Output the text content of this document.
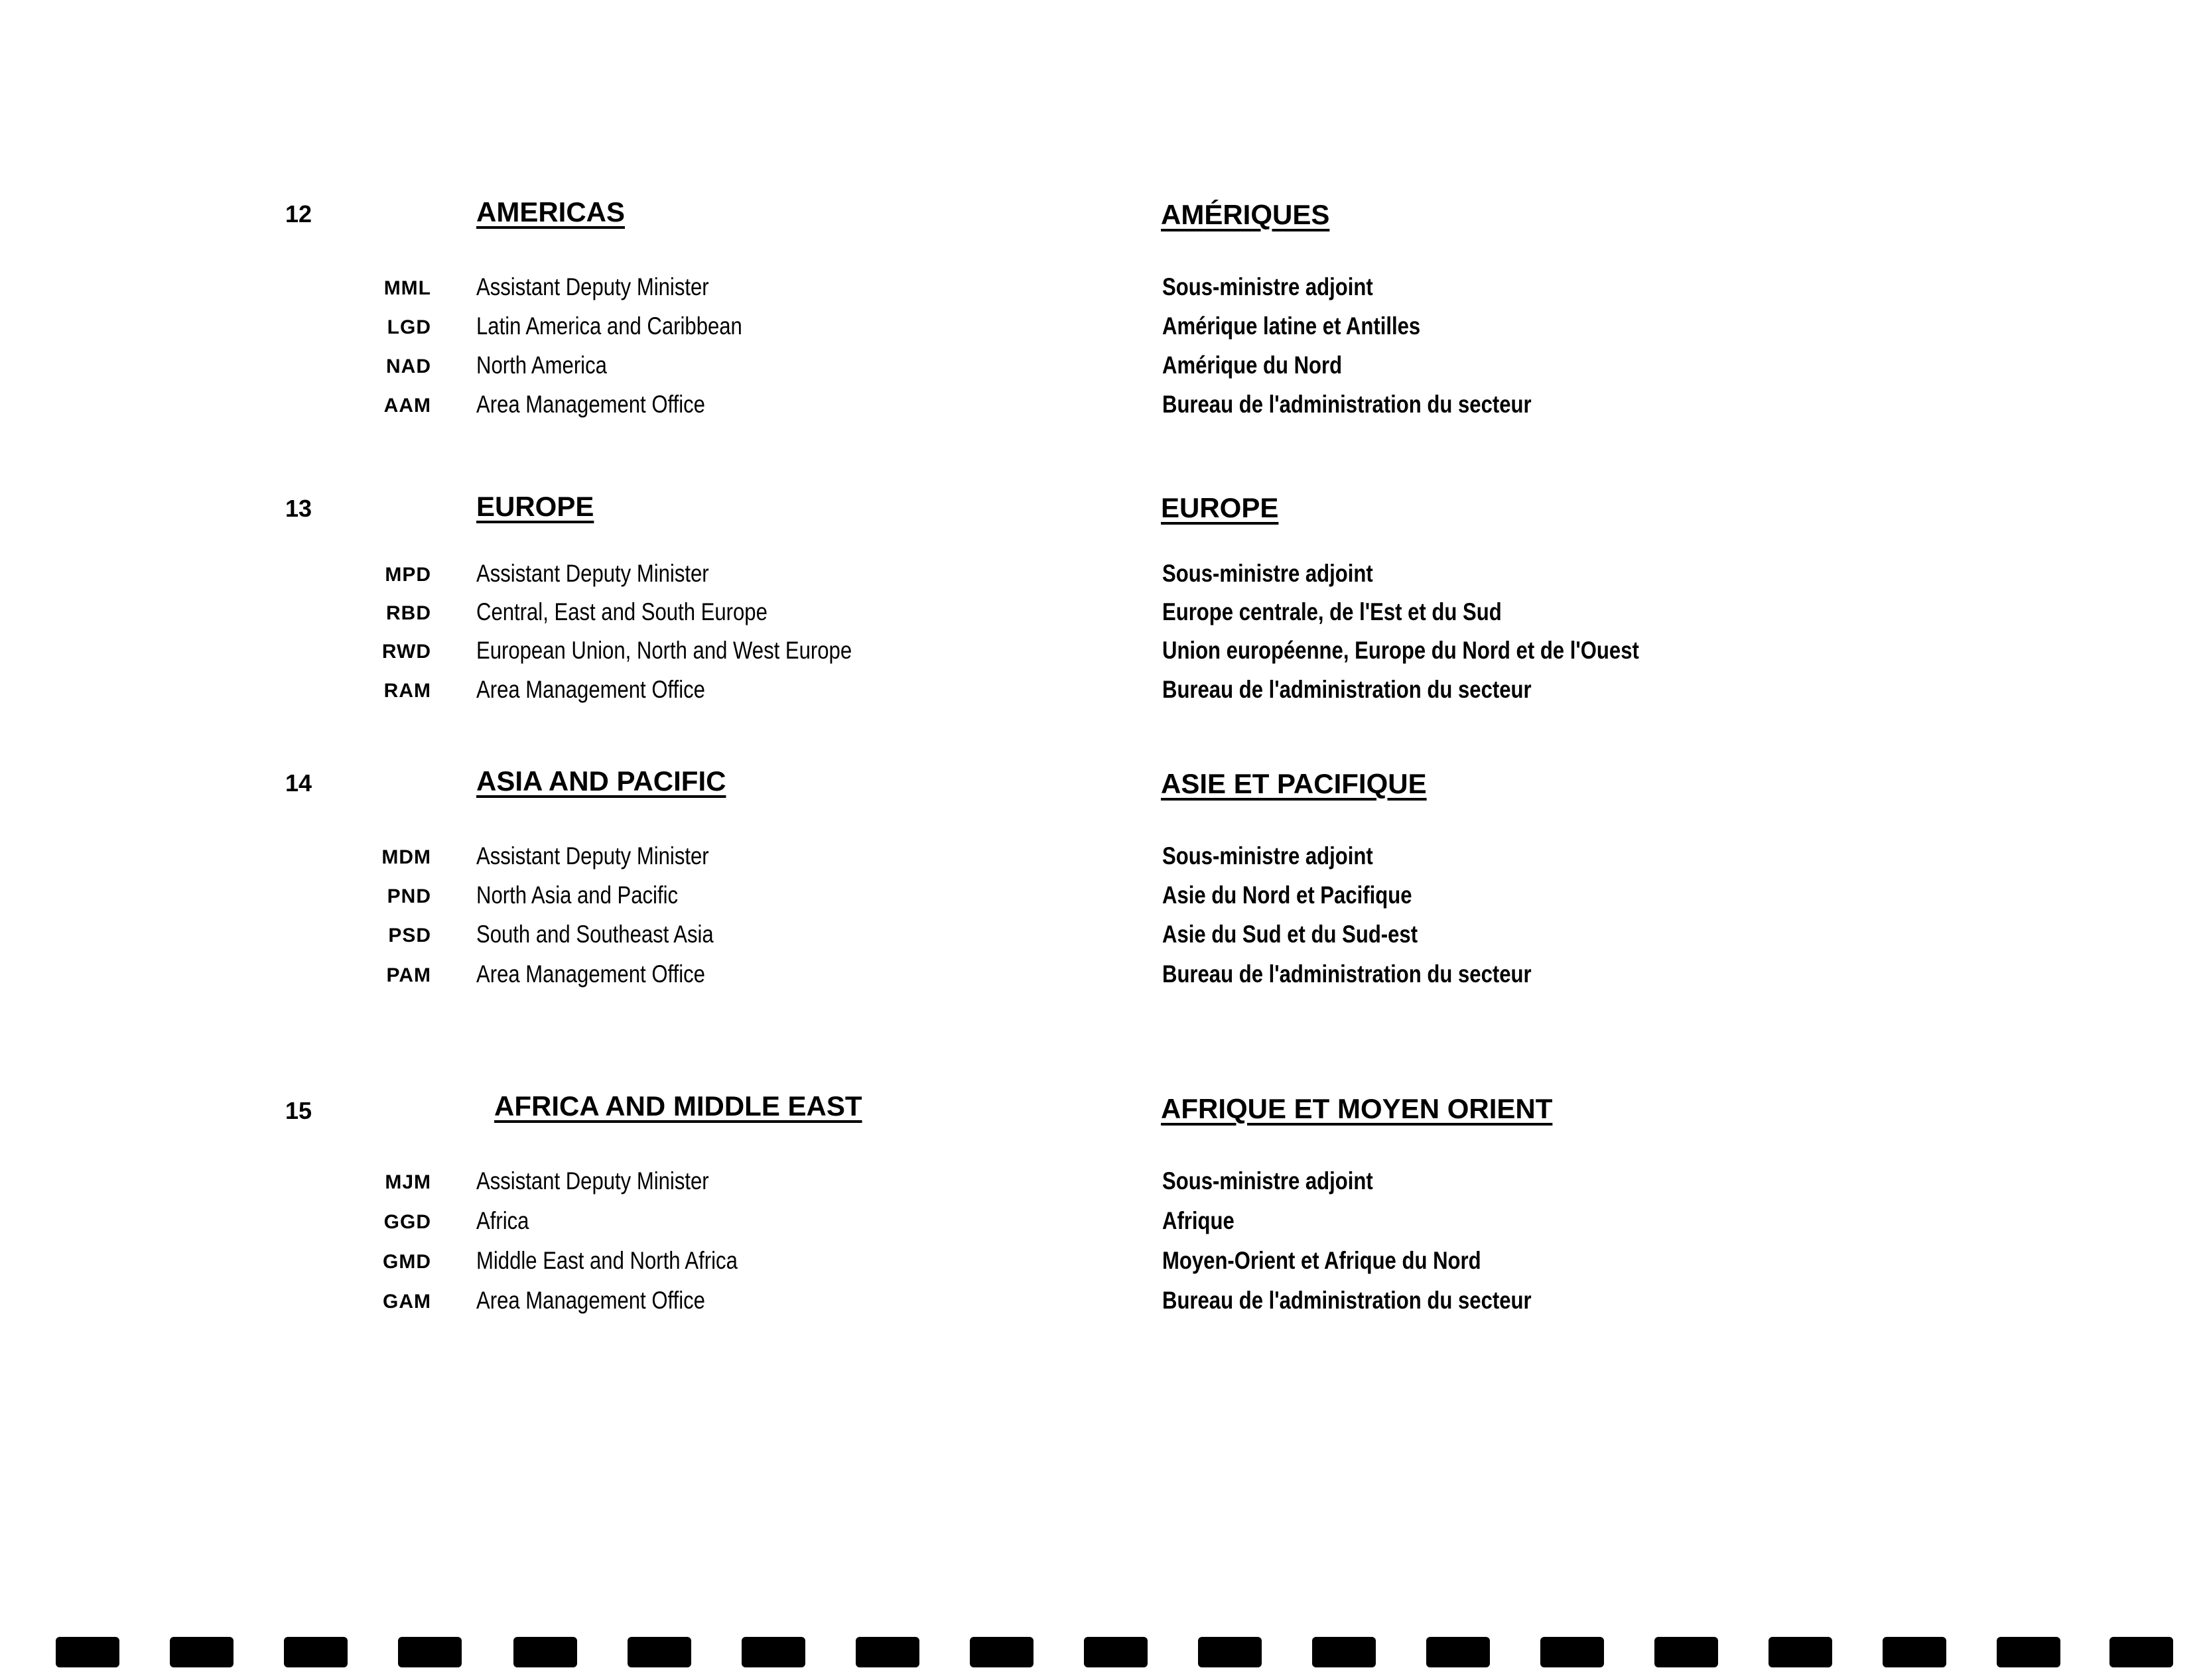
12	AMERICAS	AMÉRIQUES
MML Assistant Deputy Minister	Sous-ministre adjoint
LGD Latin America and Caribbean	Amérique latine et Antilles
NAD North America	Amérique du Nord
AAM Area Management Office	Bureau de l'administration du secteur
13	EUROPE	EUROPE
MPD Assistant Deputy Minister	Sous-ministre adjoint
RBD Central, East and South Europe	Europe centrale, de l'Est et du Sud
RWD European Union, North and West Europe	Union européenne, Europe du Nord et de l'Ouest
RAM Area Management Office	Bureau de l'administration du secteur
14	ASIA AND PACIFIC	ASIE ET PACIFIQUE
MDM Assistant Deputy Minister	Sous-ministre adjoint
PND North Asia and Pacific	Asie du Nord et Pacifique
PSD South and Southeast Asia	Asie du Sud et du Sud-est
PAM Area Management Office	Bureau de l'administration du secteur
15	AFRICA AND MIDDLE EAST	AFRIQUE ET MOYEN ORIENT
MJM Assistant Deputy Minister	Sous-ministre adjoint
GGD Africa	Afrique
GMD Middle East and North Africa	Moyen-Orient et Afrique du Nord
GAM Area Management Office	Bureau de l'administration du secteur
